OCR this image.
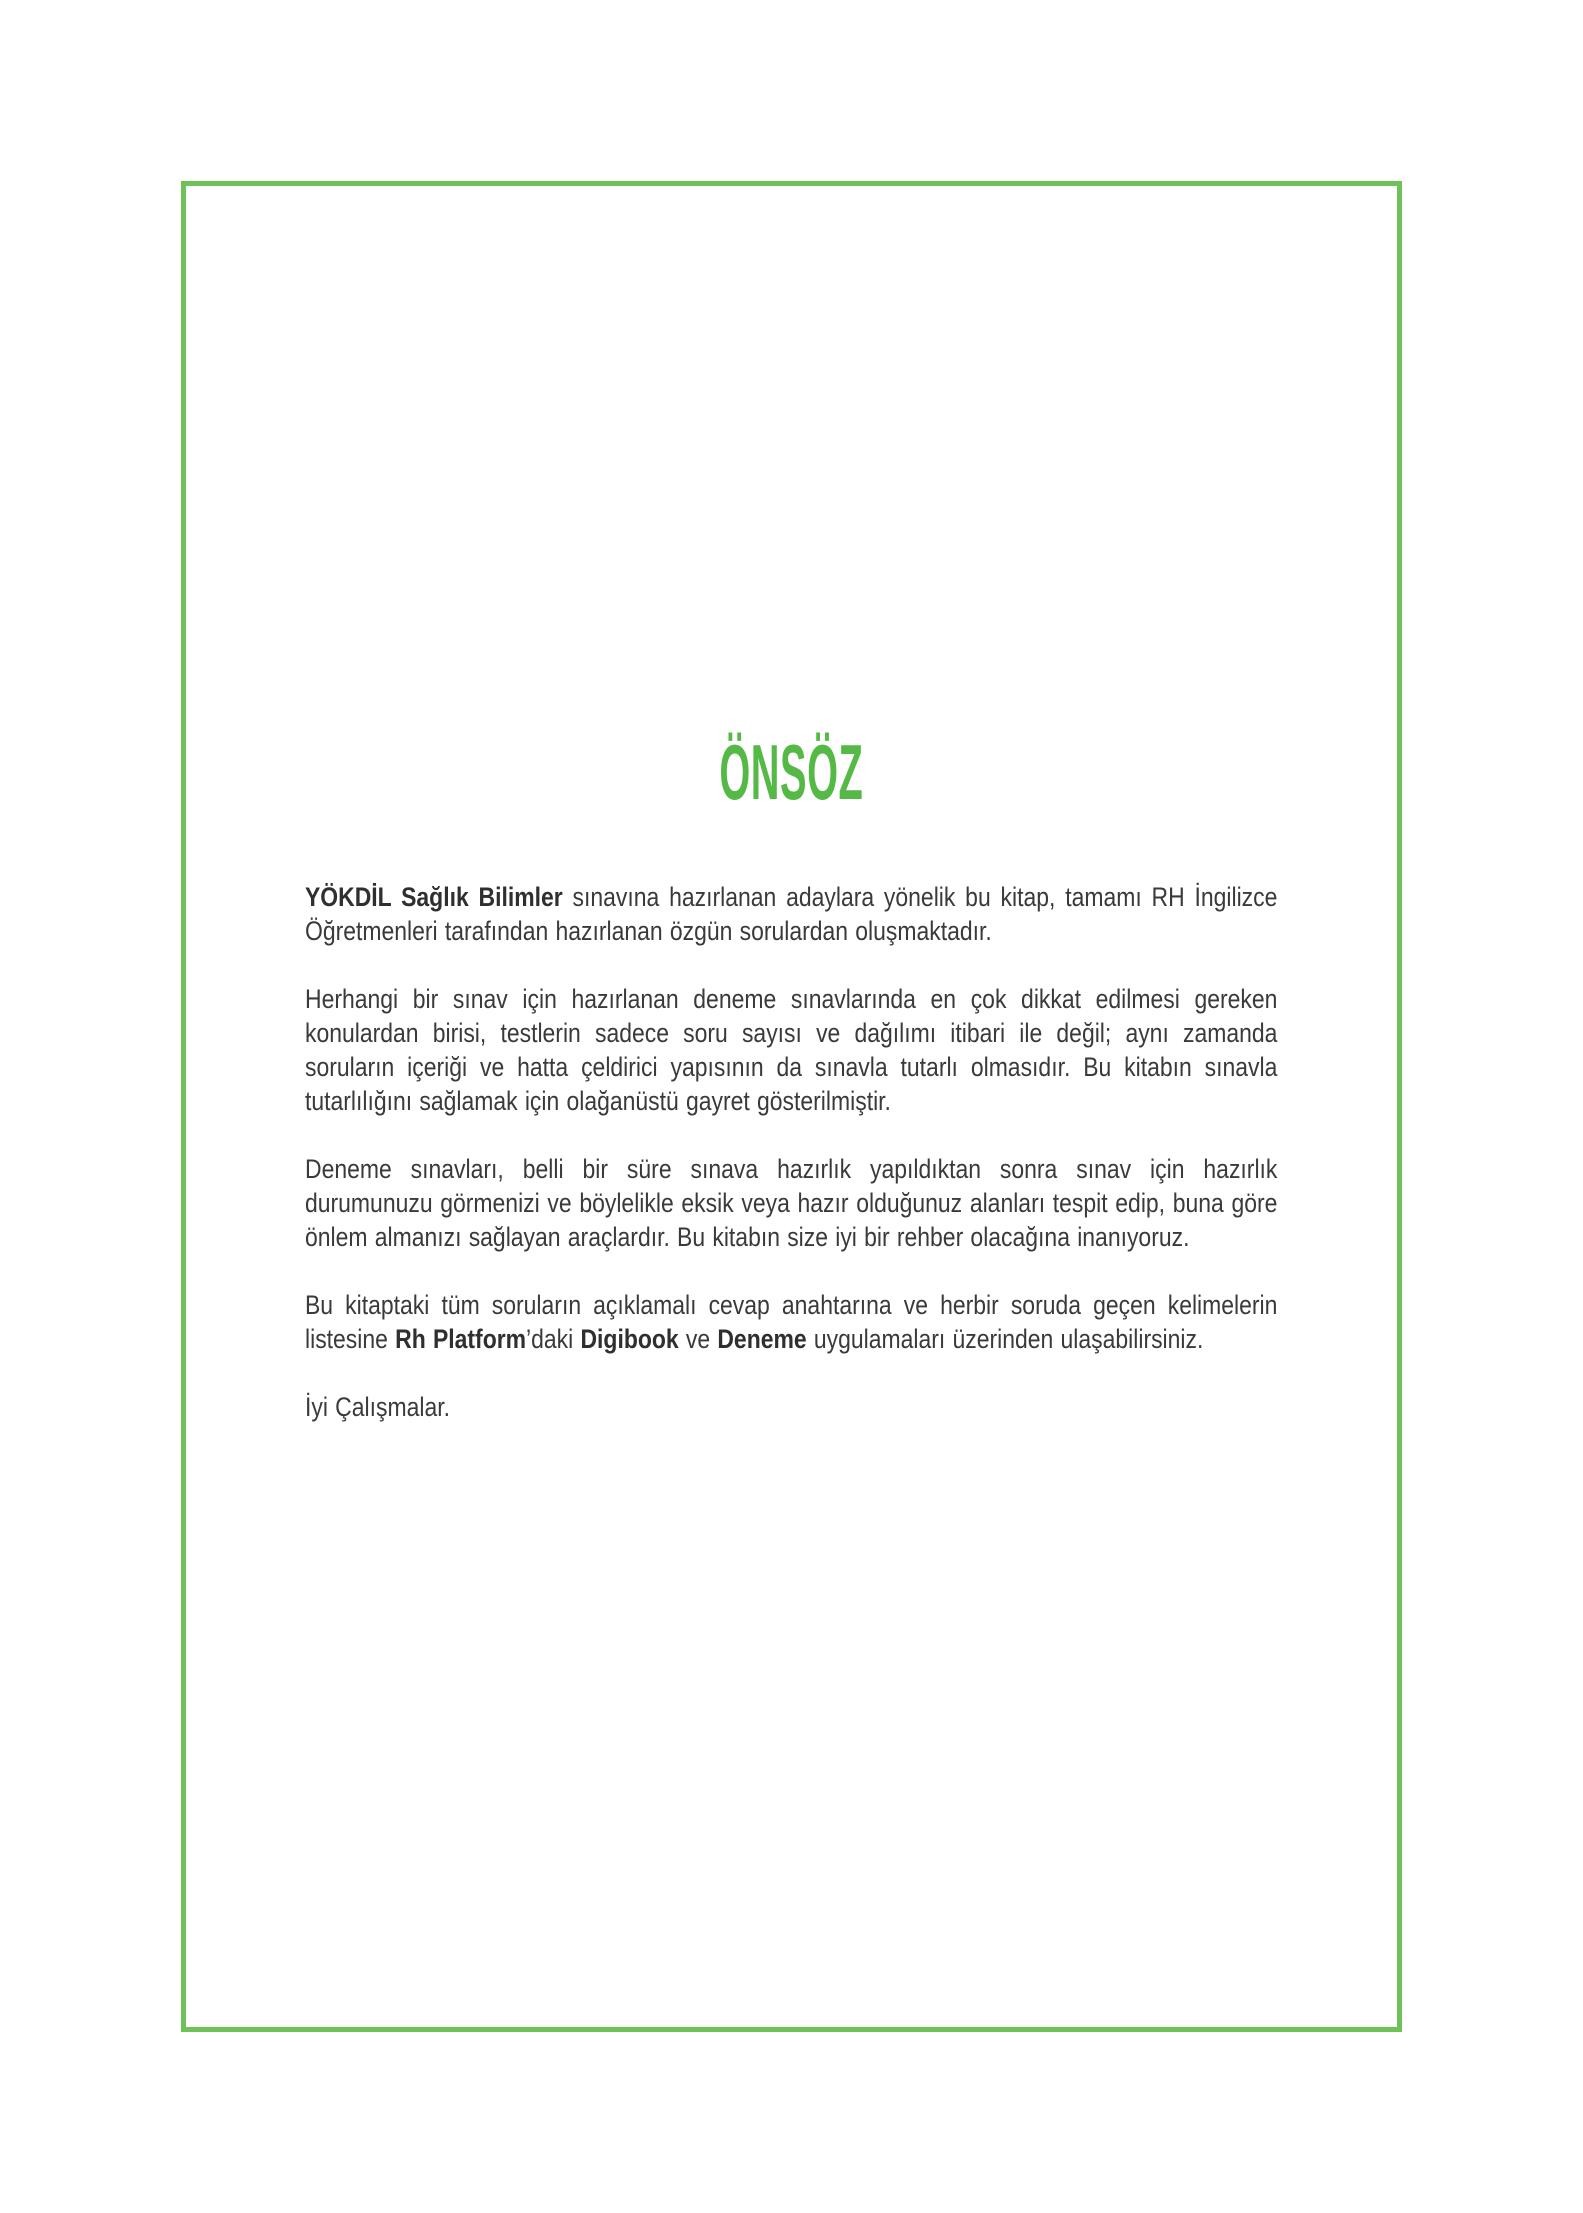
ÖNSÖZ

YÖKDİL Sağlık Bilimler sınavına hazırlanan adaylara yönelik bu kitap, tamamı RH İngilizce Öğretmenleri tarafından hazırlanan özgün sorulardan oluşmaktadır.

Herhangi bir sınav için hazırlanan deneme sınavlarında en çok dikkat edilmesi gereken konulardan birisi, testlerin sadece soru sayısı ve dağılımı itibari ile değil; aynı zamanda soruların içeriği ve hatta çeldirici yapısının da sınavla tutarlı olmasıdır. Bu kitabın sınavla tutarlılığını sağlamak için olağanüstü gayret gösterilmiştir.

Deneme sınavları, belli bir süre sınava hazırlık yapıldıktan sonra sınav için hazırlık durumunuzu görmenizi ve böylelikle eksik veya hazır olduğunuz alanları tespit edip, buna göre önlem almanızı sağlayan araçlardır. Bu kitabın size iyi bir rehber olacağına inanıyoruz.

Bu kitaptaki tüm soruların açıklamalı cevap anahtarına ve herbir soruda geçen kelimelerin listesine Rh Platform’daki Digibook ve Deneme uygulamaları üzerinden ulaşabilirsiniz.

İyi Çalışmalar.
